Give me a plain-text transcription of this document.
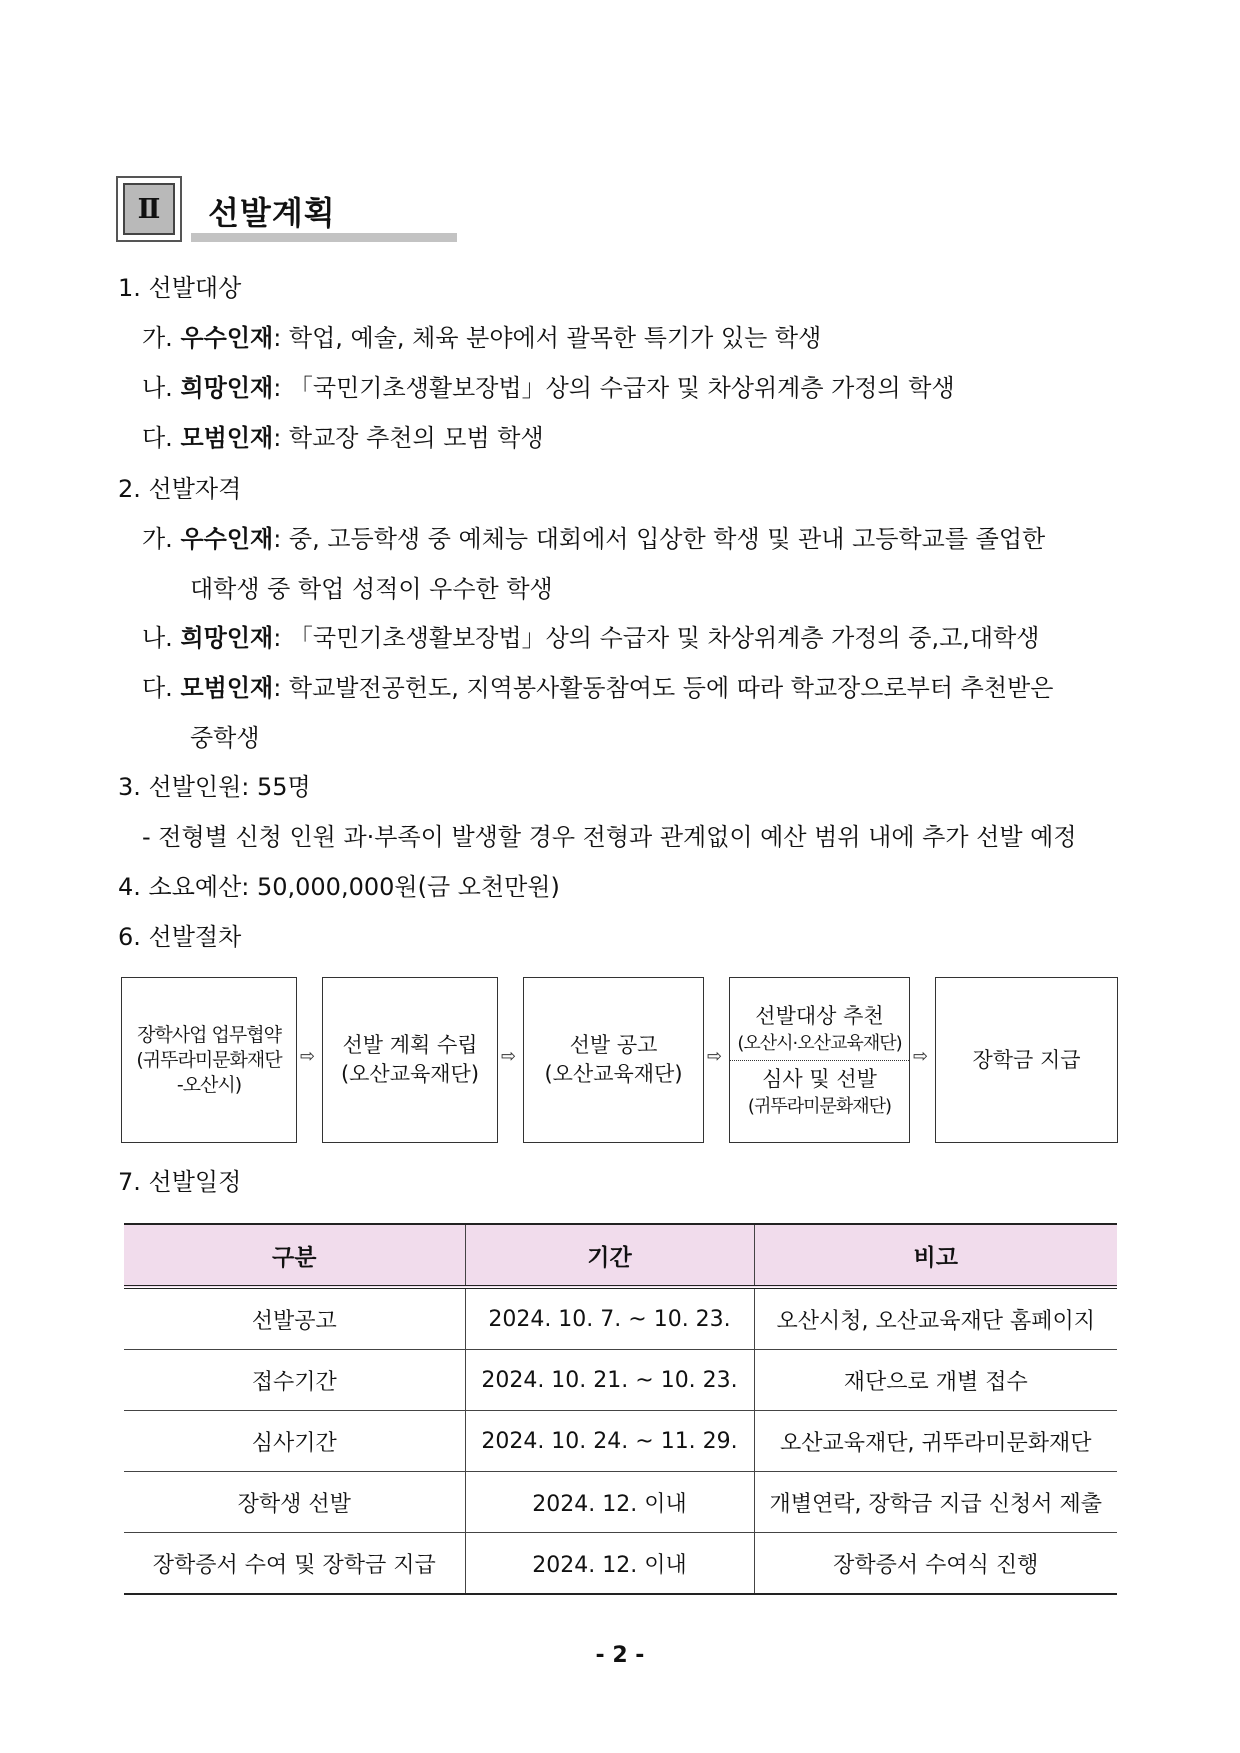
Ⅱ	선발계획
1. 선발대상
가. 우수인재: 학업, 예술, 체육 분야에서 괄목한 특기가 있는 학생
나. 희망인재: 「국민기초생활보장법」상의 수급자 및 차상위계층 가정의 학생
다. 모범인재: 학교장 추천의 모범 학생
2. 선발자격
가. 우수인재: 중, 고등학생 중 예체능 대회에서 입상한 학생 및 관내 고등학교를 졸업한
대학생 중 학업 성적이 우수한 학생
나. 희망인재: 「국민기초생활보장법」상의 수급자 및 차상위계층 가정의 중,고,대학생
다. 모범인재: 학교발전공헌도, 지역봉사활동참여도 등에 따라 학교장으로부터 추천받은
중학생
3. 선발인원: 55명
- 전형별 신청 인원 과·부족이 발생할 경우 전형과 관계없이 예산 범위 내에 추가 선발 예정
4. 소요예산: 50,000,000원(금 오천만원)
6. 선발절차
장학사업 업무협약
(귀뚜라미문화재단
-오산시)
⇨ 선발 계획 수립
(오산교육재단)
⇨	선발 공고
(오산교육재단)
⇨
선발대상 추천
(오산시·오산교육재단)
심사 및 선발
(귀뚜라미문화재단)
⇨ 장학금 지급
7. 선발일정
구분	기간	비고
선발공고	2024. 10. 7. ~ 10. 23.	오산시청, 오산교육재단 홈페이지
접수기간	2024. 10. 21. ~ 10. 23.	재단으로 개별 접수
심사기간	2024. 10. 24. ~ 11. 29.	오산교육재단, 귀뚜라미문화재단
장학생 선발	2024. 12. 이내	개별연락, 장학금 지급 신청서 제출
장학증서 수여 및 장학금 지급	2024. 12. 이내	장학증서 수여식 진행
- 2 -
